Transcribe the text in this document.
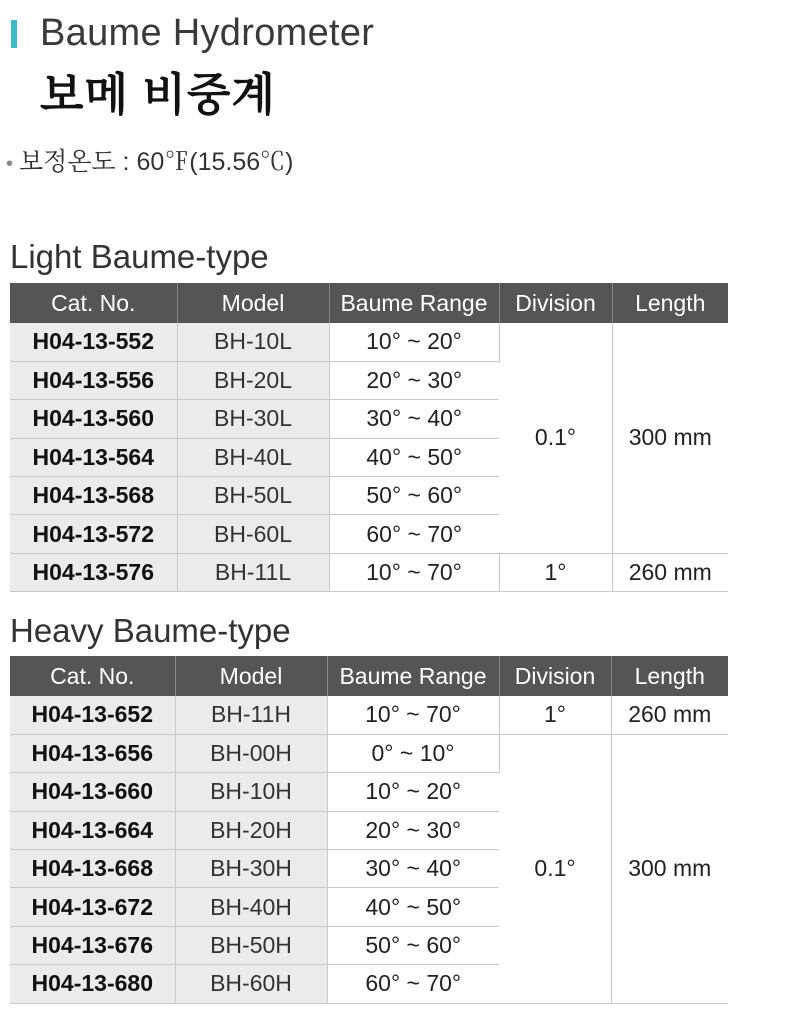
Baume Hydrometer
보메 비중계
• 보정온도 : 60℉(15.56℃)
Light Baume-type
Cat. No.	Model	Baume Range	Division	Length
H04-13-552	BH-10L	10° ~ 20°	0.1°	300 mm
H04-13-556	BH-20L	20° ~ 30°		
H04-13-560	BH-30L	30° ~ 40°		
H04-13-564	BH-40L	40° ~ 50°		
H04-13-568	BH-50L	50° ~ 60°		
H04-13-572	BH-60L	60° ~ 70°		
H04-13-576	BH-11L	10° ~ 70°	1°	260 mm
Heavy Baume-type
Cat. No.	Model	Baume Range	Division	Length
H04-13-652	BH-11H	10° ~ 70°	1°	260 mm
H04-13-656	BH-00H	0° ~ 10°	0.1°	300 mm
H04-13-660	BH-10H	10° ~ 20°		
H04-13-664	BH-20H	20° ~ 30°		
H04-13-668	BH-30H	30° ~ 40°		
H04-13-672	BH-40H	40° ~ 50°		
H04-13-676	BH-50H	50° ~ 60°		
H04-13-680	BH-60H	60° ~ 70°		
